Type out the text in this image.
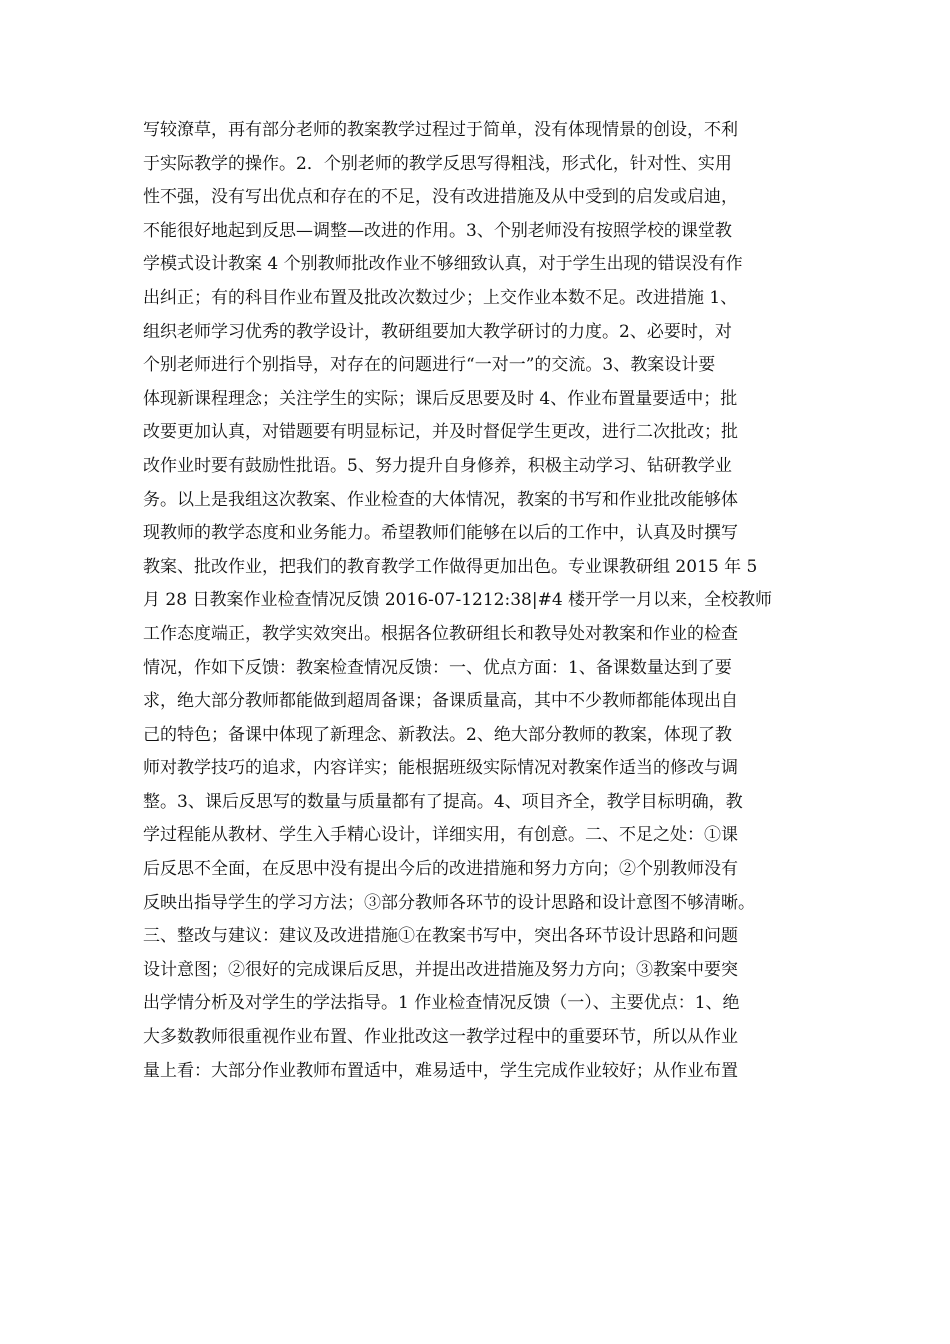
写较潦草，再有部分老师的教案教学过程过于简单，没有体现情景的创设，不利
于实际教学的操作。2．个别老师的教学反思写得粗浅，形式化，针对性、实用
性不强，没有写出优点和存在的不足，没有改进措施及从中受到的启发或启迪，
不能很好地起到反思—调整—改进的作用。3、个别老师没有按照学校的课堂教
学模式设计教案 4 个别教师批改作业不够细致认真，对于学生出现的错误没有作
出纠正；有的科目作业布置及批改次数过少；上交作业本数不足。改进措施 1、
组织老师学习优秀的教学设计，教研组要加大教学研讨的力度。2、必要时，对
个别老师进行个别指导，对存在的问题进行“一对一”的交流。3、教案设计要
体现新课程理念；关注学生的实际；课后反思要及时 4、作业布置量要适中；批
改要更加认真，对错题要有明显标记，并及时督促学生更改，进行二次批改；批
改作业时要有鼓励性批语。5、努力提升自身修养，积极主动学习、钻研教学业
务。以上是我组这次教案、作业检查的大体情况，教案的书写和作业批改能够体
现教师的教学态度和业务能力。希望教师们能够在以后的工作中，认真及时撰写
教案、批改作业，把我们的教育教学工作做得更加出色。专业课教研组 2015 年 5
月 28 日教案作业检查情况反馈 2016-07-1212:38|#4 楼开学一月以来，全校教师
工作态度端正，教学实效突出。根据各位教研组长和教导处对教案和作业的检查
情况，作如下反馈：教案检查情况反馈：一、优点方面：1、备课数量达到了要
求，绝大部分教师都能做到超周备课；备课质量高，其中不少教师都能体现出自
己的特色；备课中体现了新理念、新教法。2、绝大部分教师的教案，体现了教
师对教学技巧的追求，内容详实；能根据班级实际情况对教案作适当的修改与调
整。3、课后反思写的数量与质量都有了提高。4、项目齐全，教学目标明确，教
学过程能从教材、学生入手精心设计，详细实用，有创意。二、不足之处：①课
后反思不全面，在反思中没有提出今后的改进措施和努力方向；②个别教师没有
反映出指导学生的学习方法；③部分教师各环节的设计思路和设计意图不够清晰。
三、整改与建议：建议及改进措施①在教案书写中，突出各环节设计思路和问题
设计意图；②很好的完成课后反思，并提出改进措施及努力方向；③教案中要突
出学情分析及对学生的学法指导。1 作业检查情况反馈（一）、主要优点：1、绝
大多数教师很重视作业布置、作业批改这一教学过程中的重要环节，所以从作业
量上看：大部分作业教师布置适中，难易适中，学生完成作业较好；从作业布置
